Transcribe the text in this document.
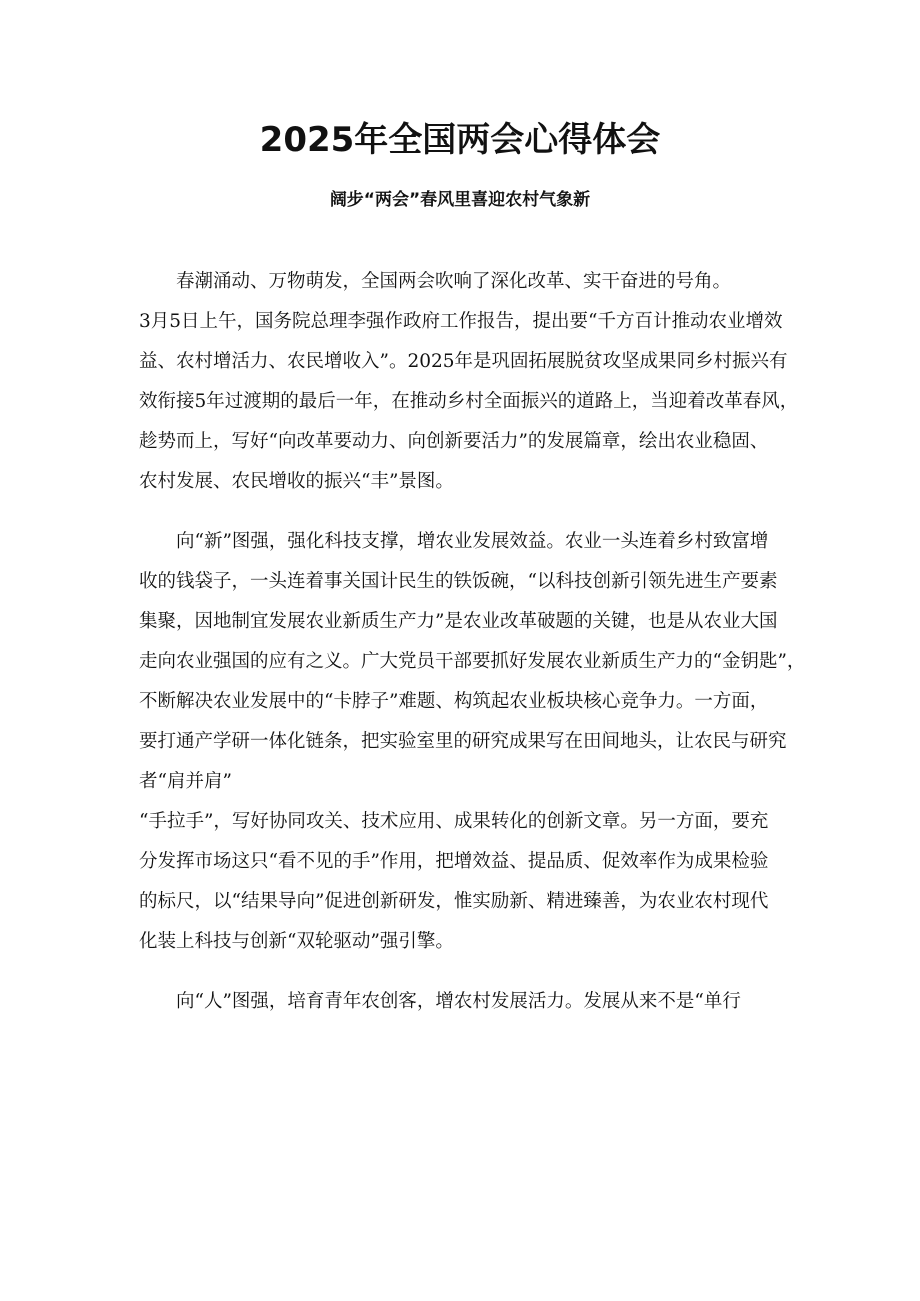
2025年全国两会心得体会
阔步“两会”春风里喜迎农村气象新
春潮涌动、万物萌发，全国两会吹响了深化改革、实干奋进的号角。
3月5日上午，国务院总理李强作政府工作报告，提出要“千方百计推动农业增效
益、农村增活力、农民增收入”。2025年是巩固拓展脱贫攻坚成果同乡村振兴有
效衔接5年过渡期的最后一年，在推动乡村全面振兴的道路上，当迎着改革春风，
趁势而上，写好“向改革要动力、向创新要活力”的发展篇章，绘出农业稳固、
农村发展、农民增收的振兴“丰”景图。
向“新”图强，强化科技支撑，增农业发展效益。农业一头连着乡村致富增
收的钱袋子，一头连着事关国计民生的铁饭碗，“以科技创新引领先进生产要素
集聚，因地制宜发展农业新质生产力”是农业改革破题的关键，也是从农业大国
走向农业强国的应有之义。广大党员干部要抓好发展农业新质生产力的“金钥匙”，
不断解决农业发展中的“卡脖子”难题、构筑起农业板块核心竞争力。一方面，
要打通产学研一体化链条，把实验室里的研究成果写在田间地头，让农民与研究
者“肩并肩”
“手拉手”，写好协同攻关、技术应用、成果转化的创新文章。另一方面，要充
分发挥市场这只“看不见的手”作用，把增效益、提品质、促效率作为成果检验
的标尺，以“结果导向”促进创新研发，惟实励新、精进臻善，为农业农村现代
化装上科技与创新“双轮驱动”强引擎。
向“人”图强，培育青年农创客，增农村发展活力。发展从来不是“单行
